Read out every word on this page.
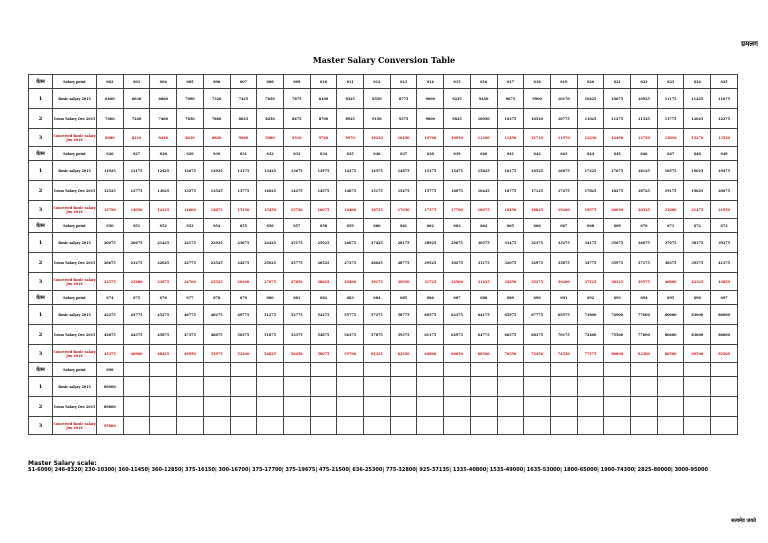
ग्रमलग
Master Salary Conversion Table
वेतन	Salary point	S02	S03	S04	S05	S06	S07	S08	S09	S10	S11	S12	S13	S14	S15	S16	S17	S18	S19	S20	S21	S22	S23	S24	S25
1	Basic salary 2015	6400	6630	6860	7090	7320	7425	7650	7875	8100	8325	8550	8775	9000	9225	9450	9675	9900	10170	10425	10675	10925	11175	11425	11675
2	Gross Salary Dec 2015	7000	7240	7460	7650	7860	8025	8250	8475	8700	8925	9150	9375	9600	9825	10050	10275	10520	10775	11025	11275	11525	11775	12025	12275
3	Converted Basic salary Jan 2016	8080	8210	8410	8610	8820	9060	9280	9510	9740	9970	10210	10450	10700	10950	11200	11450	11710	11970	12230	12490	12750	13010	13270	13530
वेतन	Salary point	S26	S27	S28	S29	S30	S31	S32	S33	S34	S35	S36	S37	S38	S39	S40	S41	S42	S43	S44	S45	S46	S47	S48	S49
1	Basic salary 2015	11925	12175	12425	12675	12925	13175	13425	13675	13975	14275	14575	14875	15175	15475	15825	16175	16525	16875	17225	17675	18125	18575	19025	19475
2	Gross Salary Dec 2015	12525	12775	13025	13275	13525	13775	14025	14275	14575	14875	15175	15475	15775	16075	16425	16775	17125	17475	17825	18275	18725	19175	19625	20075
3	Converted Basic salary Jan 2016	13790	14050	14325	14600	14875	15150	15450	15750	16075	16400	16725	17050	17375	17700	18075	18450	18825	19200	19575	20050	20525	21000	21475	21950
वेतन	Salary point	S50	S51	S52	S53	S54	S55	S56	S57	S58	S59	S60	S61	S62	S63	S64	S65	S66	S67	S68	S69	S70	S71	S72	S73
1	Basic salary 2015	20075	20675	21425	22175	22925	23675	24425	25175	25925	26675	27425	28175	28925	29675	30575	31475	32375	33275	34175	35075	36075	37075	38175	39275
2	Gross Salary Dec 2015	20675	21275	22025	22775	23525	24275	25025	25775	26525	27275	28025	28775	29525	30275	31175	32075	32975	33875	34775	35975	37175	38375	39575	41375
3	Converted Basic salary Jan 2016	22575	23280	23975	24700	25525	26300	27075	27850	28625	29400	30175	30950	31725	32500	33425	34350	35275	36200	37125	38325	39575	40800	42325	43850
वेतन	Salary point	S74	S75	S76	S77	S78	S79	S80	S81	S82	S83	S84	S85	S86	S87	S88	S89	S90	S91	S92	S93	S94	S95	S96	S97
1	Basic salary 2015	42275	43775	45275	46775	48275	49775	51275	52775	54275	55775	57275	58775	60575	62375	64175	65975	67775	69575	71800	74900	77000	80000	83000	86000
2	Gross Salary Dec 2015	42875	44375	45875	47375	48875	50375	51875	53375	54875	56375	57875	59375	61175	62975	64775	66575	68375	70175	72400	75500	77600	80600	83600	86600
3	Converted Basic salary Jan 2016	45375	46900	48425	49950	51975	53200	54825	56450	58075	59700	61325	62950	64800	66650	68500	70350	72450	74550	77175	80800	83300	86500	89500	92500
वेतन	Salary point	S98																							
1	Basic salary 2015	89000																							
2	Gross Salary Dec 2015	89600																							
3	Converted Basic salary Jan 2016	95800																							
Master Salary scale:
S1-6000| 246-8320| 230-10300| 360-11450| 360-12850| 375-16150| 300-16700| 375-17700| 375-19675| 475-21500| 636-25300| 775-32800| 925-37135| 1335-40800| 1535-49000| 1635-53000| 1800-65000| 1900-74300| 2825-80000| 3000-95000
सत्यमेव जयते
